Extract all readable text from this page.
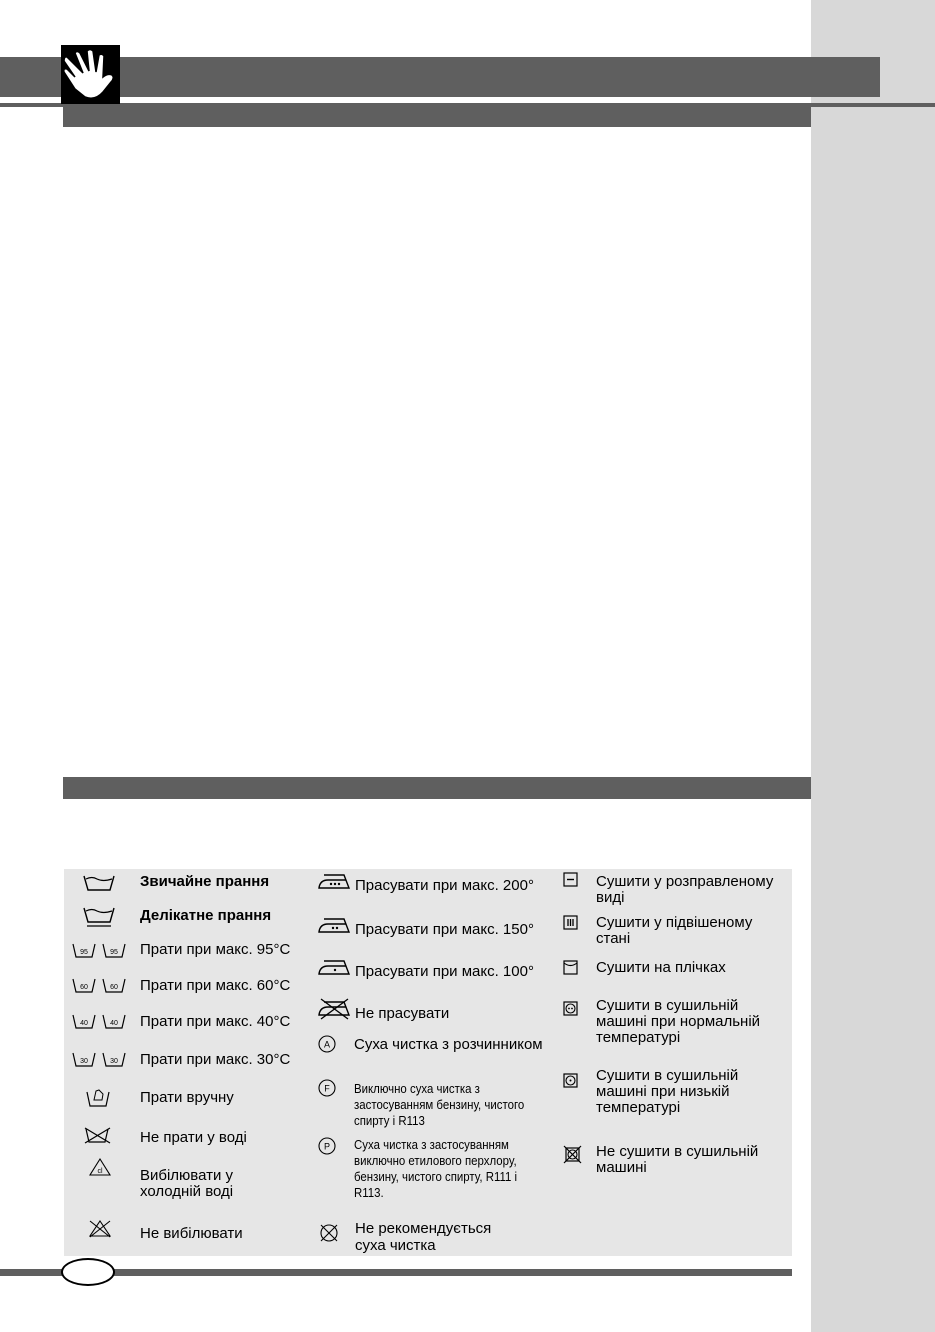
Звичайне прання
Делікатне прання
95	95 Прати при макс. 95°C
60	60 Прати при макс. 60°C
40	40 Прати при макс. 40°C
30	30 Прати при макс. 30°C
Прати вручну
Не прати у воді
cl Вибілювати у
холодній воді
Не вибілювати
Прасувати при макс. 200°
Прасувати при макс. 150°
Прасувати при макс. 100°
Не прасувати
A Суха чистка з розчинником
F Виключно суха чистка з
застосуванням бензину, чистого
спирту і R113
P Суха чистка з застосуванням
виключно етилового перхлору,
бензину, чистого спирту, R111 і
R113.
Не рекомендується
суха чистка
Сушити у розправленому
виді
Сушити у підвішеному
стані
Сушити на плічках
Сушити в сушильній
машині при нормальній
температурі
Сушити в сушильній
машині при низькій
температурі
Не сушити в сушильній
машині
